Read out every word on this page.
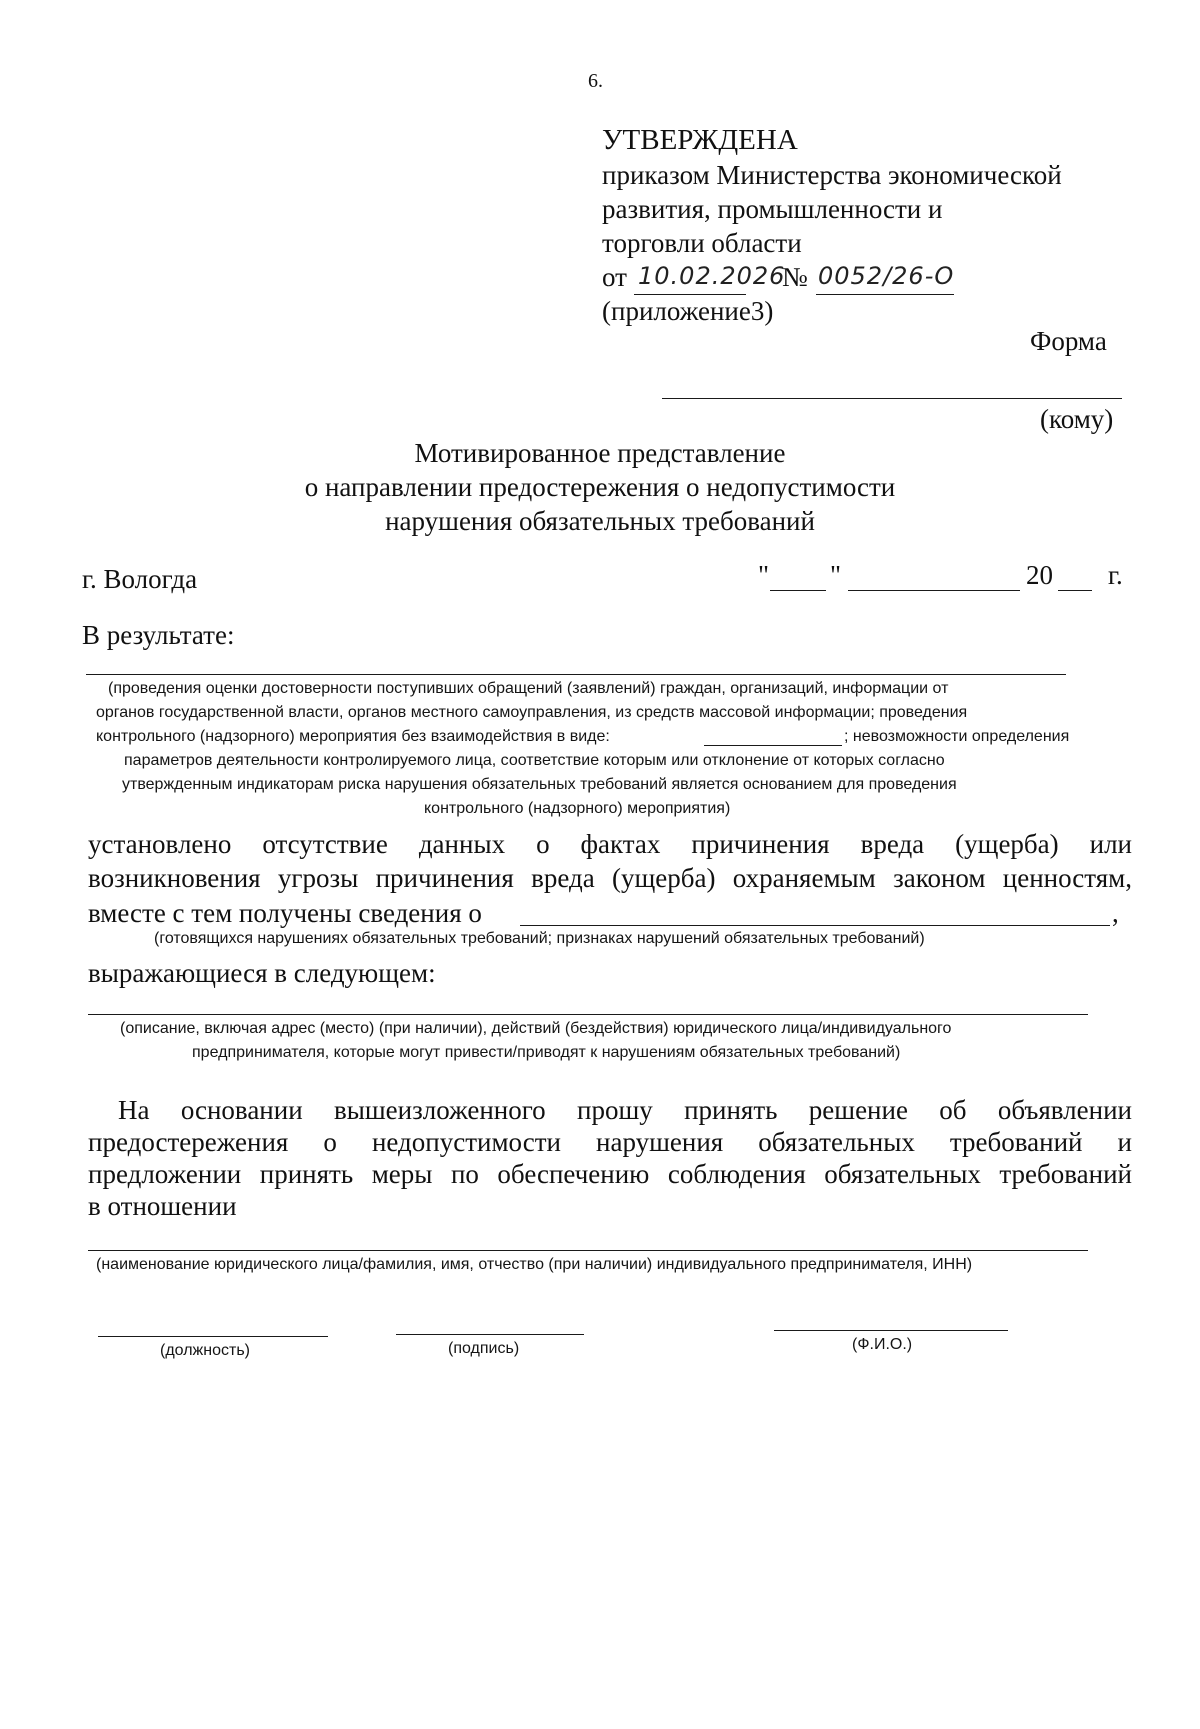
6.
УТВЕРЖДЕНА
приказом Министерства экономической
развития, промышленности и
торговли области
от 10.02.2026
№ 0052/26-О
(приложение3)
Форма
(кому)
Мотивированное представление
о направлении предостережения о недопустимости
нарушения обязательных требований
г. Вологда	" "	20 г.
В результате:
(проведения оценки достоверности поступивших обращений (заявлений) граждан, организаций, информации от
органов государственной власти, органов местного самоуправления, из средств массовой информации; проведения
контрольного (надзорного) мероприятия без взаимодействия в виде:	; невозможности определения
параметров деятельности контролируемого лица, соответствие которым или отклонение от которых согласно
утвержденным индикаторам риска нарушения обязательных требований является основанием для проведения
контрольного (надзорного) мероприятия)
установлено отсутствие данных о фактах причинения вреда (ущерба) или
возникновения угрозы причинения вреда (ущерба) охраняемым законом ценностям,
вместе с тем получены сведения о	,
(готовящихся нарушениях обязательных требований; признаках нарушений обязательных требований)
выражающиеся в следующем:
(описание, включая адрес (место) (при наличии), действий (бездействия) юридического лица/индивидуального
предпринимателя, которые могут привести/приводят к нарушениям обязательных требований)
На основании вышеизложенного прошу принять решение об объявлении
предостережения о недопустимости нарушения обязательных требований и
предложении принять меры по обеспечению соблюдения обязательных требований
в отношении
(наименование юридического лица/фамилия, имя, отчество (при наличии) индивидуального предпринимателя, ИНН)
(должность)	(подпись)	(Ф.И.О.)
